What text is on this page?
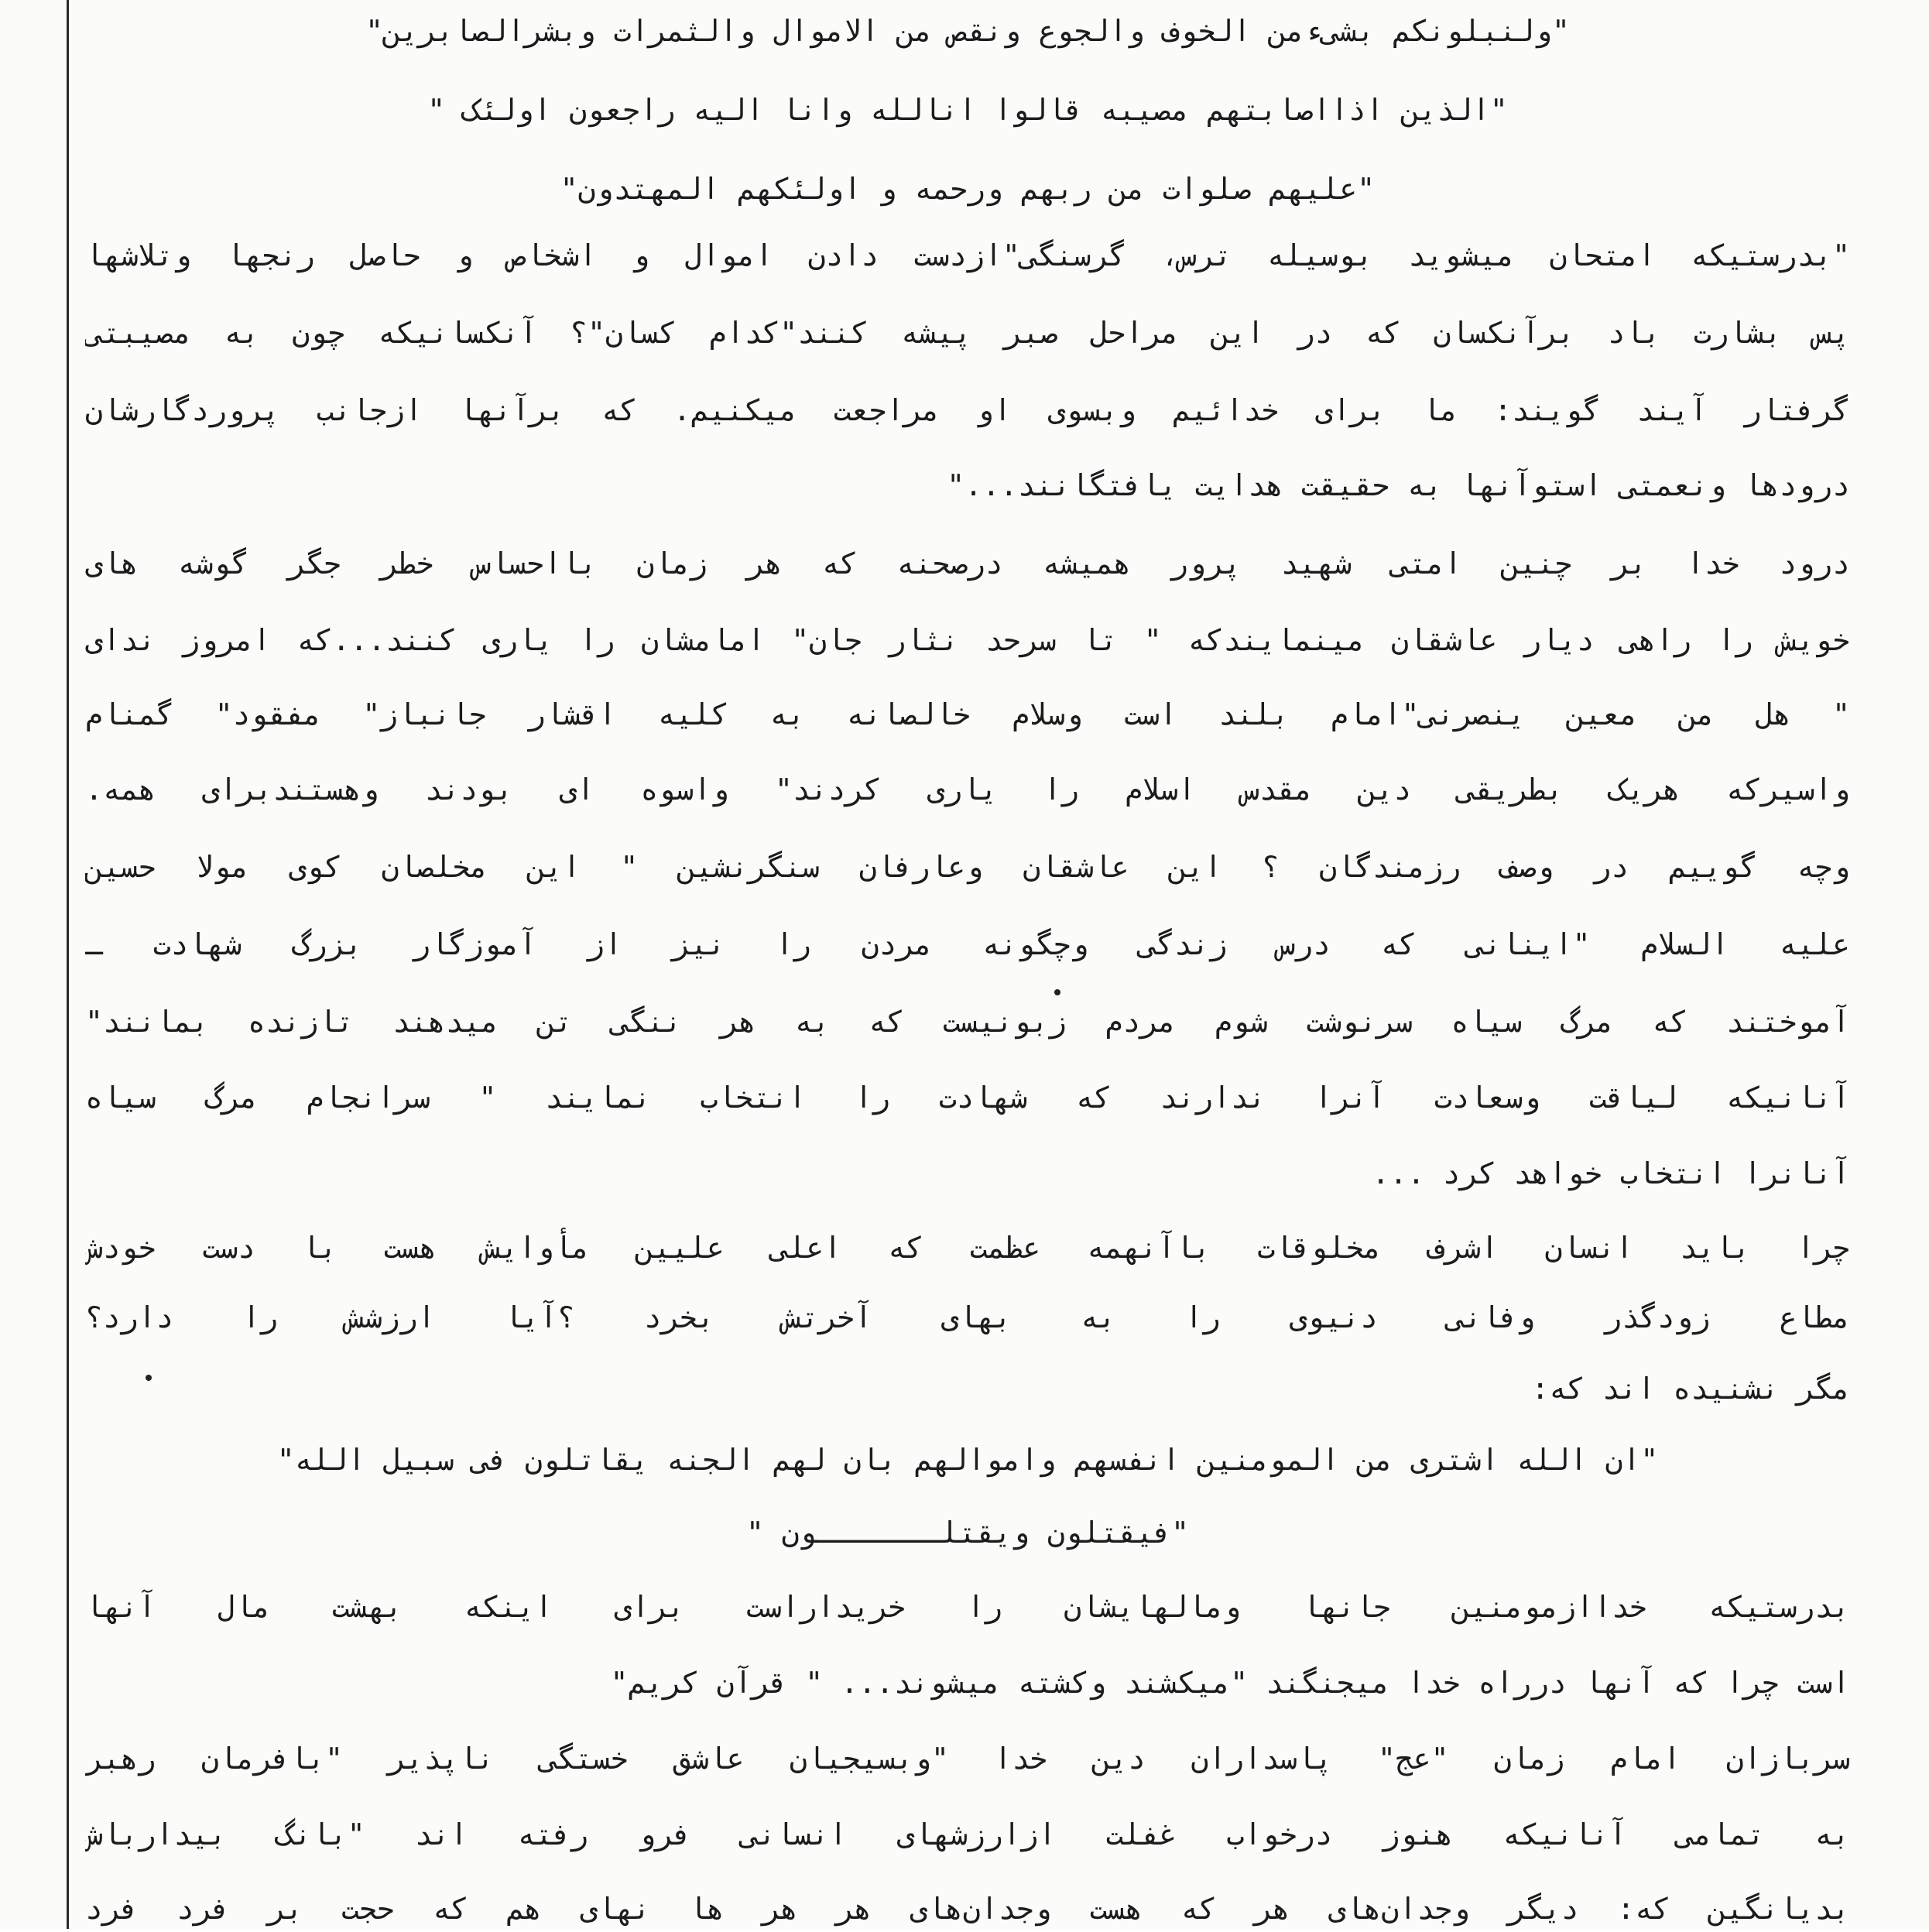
"ولنبلونکم بشیءمن الخوف والجوع ونقص من الاموال والثمرات وبشرالصابرین"
"الذین اذااصابتهم مصیبه قالوا انالله وانا الیه راجعون اولئک "
"علیهم صلوات من ربهم ورحمه و اولئکهم المهتدون"
"بدرستیکه امتحان میشوید بوسیله ترس، گرسنگی"ازدست دادن اموال و اشخاص و حاصل رنجها وتلاشها
پس بشارت باد برآنکسان که در این مراحل صبر پیشه کنند"کدام کسان"؟ آنکسانیکه چون به مصیبتی
گرفتار آیند گویند: ما برای خدائیم وبسوی او مراجعت میکنیم. که برآنها ازجانب پروردگارشان
درودها ونعمتی استوآنها به حقیقت هدایت یافتگانند..."
درود خدا بر چنین امتی شهید پرور همیشه درصحنه که هر زمان بااحساس خطر جگر گوشه های
خویش را راهی دیار عاشقان مینمایندکه " تا سرحد نثار جان" امامشان را یاری کنند...که امروز ندای
" هل من معین ینصرنی"امام بلند است وسلام خالصانه به کلیه اقشار جانباز" مفقود" گمنام
واسیرکه هریک بطریقی دین مقدس اسلام را یاری کردند" واسوه ای بودند وهستندبرای همه.
وچه گوییم در وصف رزمندگان ؟ این عاشقان وعارفان سنگرنشین " این مخلصان کوی مولا حسین
علیه السلام "اینانی که درس زندگی وچگونه مردن را نیز از آموزگار بزرگ شهادت ـ
آموختند که مرگ سیاه سرنوشت شوم مردم زبونیست که به هر ننگی تن میدهند تازنده بمانند"
آنانیکه لیاقت وسعادت آنرا ندارند که شهادت را انتخاب نمایند " سرانجام مرگ سیاه
آنانرا انتخاب خواهد کرد ...
چرا باید انسان اشرف مخلوقات باآنهمه عظمت که اعلی علیین مأوایش هست با دست خودش
مطاع زودگذر وفانی دنیوی را به بهای آخرتش بخرد ؟آیا ارزشش را دارد؟
مگر نشنیده اند که:
"ان الله اشتری من المومنین انفسهم واموالهم بان لهم الجنه یقاتلون فی سبیل الله"
"فیقتلون ویقتلـــــــون "
بدرستیکه خداازمومنین جانها ومالهایشان را خریداراست برای اینکه بهشت مال آنها
است چرا که آنها درراه خدا میجنگند "میکشند وکشته میشوند... " قرآن کریم"
سربازان امام زمان "عج" پاسداران دین خدا "وبسیجیان عاشق خستگی ناپذیر "بافرمان رهبر
به تمامی آنانیکه هنوز درخواب غفلت ازارزشهای انسانی فرو رفته اند "بانگ بیدارباش
بدیانگین که: دیگر وجدان‌های هر که هست وجدان‌های هر هر ها نهای هم که حجت بر فرد فرد
